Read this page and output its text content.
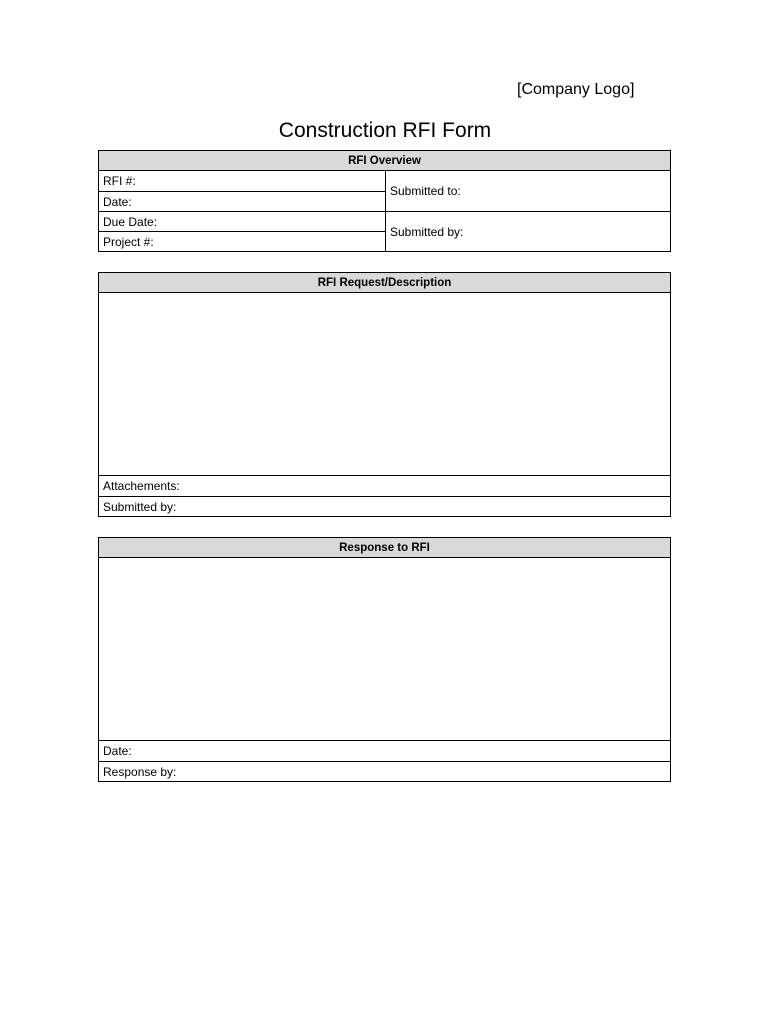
[Company Logo]
Construction RFI Form
RFI Overview
RFI #:
Date:
Due Date:
Project #:
Submitted to:
Submitted by:
RFI Request/Description
Attachements:
Submitted by:
Response to RFI
Date:
Response by:
